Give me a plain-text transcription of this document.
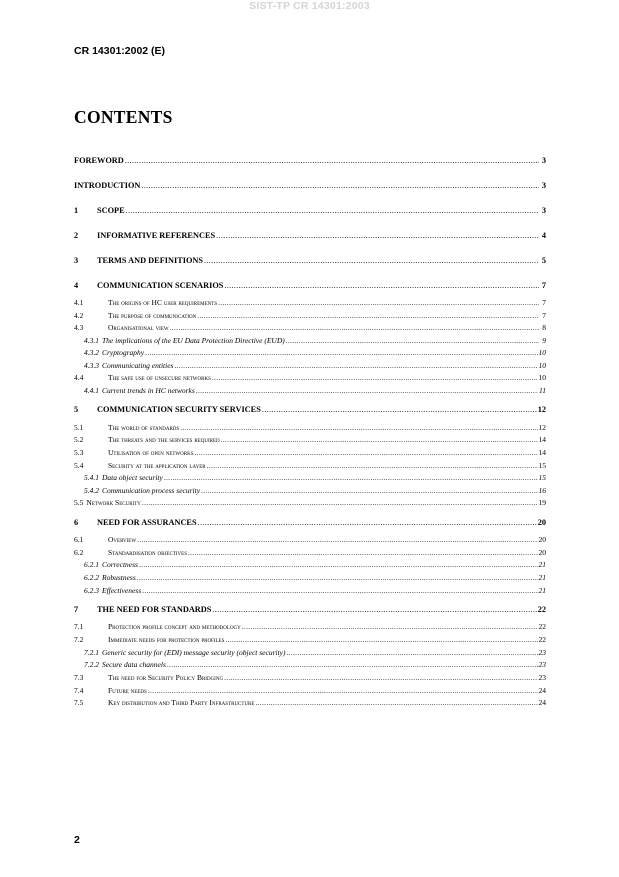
SIST-TP CR 14301:2003
CR 14301:2002 (E)
CONTENTS
FOREWORD .....	3
INTRODUCTION .....	3
1	SCOPE .....	3
2	INFORMATIVE REFERENCES .....	4
3	TERMS AND DEFINITIONS .....	5
4	COMMUNICATION SCENARIOS .....	7
4.1	The origins of HC user requirements .....	7
4.2	The purpose of communication .....	7
4.3	Organisational view .....	8
4.3.1 The implications of the EU Data Protection Directive (EUD) .....	9
4.3.2 Cryptography .....	10
4.3.3 Communicating entities .....	10
4.4	The safe use of unsecure networks .....	10
4.4.1 Current trends in HC networks .....	11
5	COMMUNICATION SECURITY SERVICES .....	12
5.1	The world of standards .....	12
5.2	The threats and the services required .....	14
5.3	Utilisation of open networks .....	14
5.4	Security at the application layer .....	15
5.4.1 Data object security .....	15
5.4.2 Communication process security .....	16
5.5 Network Security .....	19
6	NEED FOR ASSURANCES .....	20
6.1	Overview .....	20
6.2	Standardisation objectives .....	20
6.2.1 Correctness .....	21
6.2.2 Robustness .....	21
6.2.3 Effectiveness .....	21
7	THE NEED FOR STANDARDS .....	22
7.1	Protection profile concept and methodology .....	22
7.2	Immediate needs for protection profiles .....	22
7.2.1 Generic security for (EDI) message security (object security) .....	23
7.2.2 Secure data channels .....	23
7.3	The need for Security Policy Bridging .....	23
7.4	Future needs .....	24
7.5	Key distribution and Third Party Infrastructure .....	24
2
